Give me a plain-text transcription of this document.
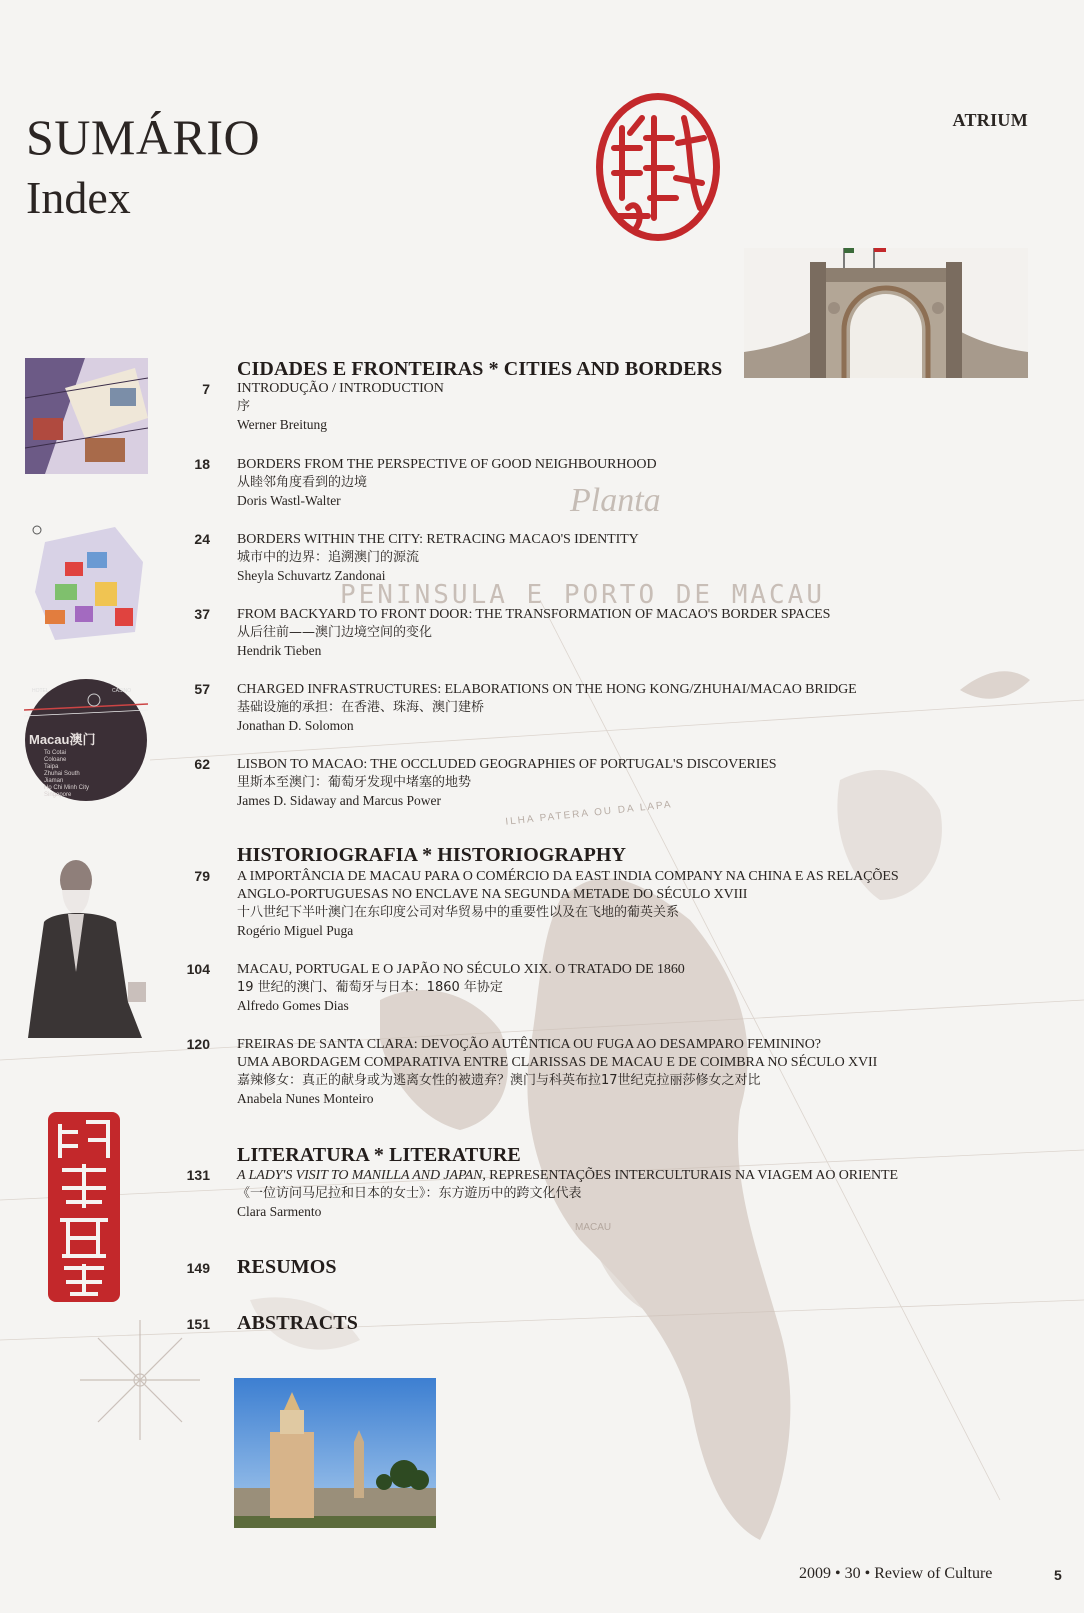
Planta
PENINSULA E PORTO DE MACAU
ILHA PATERA OU DA LAPA
MACAU
SUMÁRIO
Index
ATRIUM
Macau澳门
HOTEL	CASINO
To Cotai
Coloane
Taipa
Zhuhai South
Jiaman
Ho Chi Minh City
Singapore
CIDADES E FRONTEIRAS * CITIES AND BORDERS
7 INTRODUÇÃO / INTRODUCTION
序
Werner Breitung
18 BORDERS FROM THE PERSPECTIVE OF GOOD NEIGHBOURHOOD
从睦邻角度看到的边境
Doris Wastl-Walter
24 BORDERS WITHIN THE CITY: RETRACING MACAO'S IDENTITY
城市中的边界：追溯澳门的源流
Sheyla Schuvartz Zandonai
37 FROM BACKYARD TO FRONT DOOR: THE TRANSFORMATION OF MACAO'S BORDER SPACES
从后往前——澳门边境空间的变化
Hendrik Tieben
57 CHARGED INFRASTRUCTURES: ELABORATIONS ON THE HONG KONG/ZHUHAI/MACAO BRIDGE
基础设施的承担：在香港、珠海、澳门建桥
Jonathan D. Solomon
62 LISBON TO MACAO: THE OCCLUDED GEOGRAPHIES OF PORTUGAL'S DISCOVERIES
里斯本至澳门：葡萄牙发现中堵塞的地势
James D. Sidaway and Marcus Power
HISTORIOGRAFIA * HISTORIOGRAPHY
79 A IMPORTÂNCIA DE MACAU PARA O COMÉRCIO DA EAST INDIA COMPANY NA CHINA E AS RELAÇÕES
ANGLO-PORTUGUESAS NO ENCLAVE NA SEGUNDA METADE DO SÉCULO XVIII
十八世纪下半叶澳门在东印度公司对华贸易中的重要性以及在飞地的葡英关系
Rogério Miguel Puga
104 MACAU, PORTUGAL E O JAPÃO NO SÉCULO XIX. O TRATADO DE 1860
19 世纪的澳门、葡萄牙与日本：1860 年协定
Alfredo Gomes Dias
120 FREIRAS DE SANTA CLARA: DEVOÇÃO AUTÊNTICA OU FUGA AO DESAMPARO FEMININO?
UMA ABORDAGEM COMPARATIVA ENTRE CLARISSAS DE MACAU E DE COIMBRA NO SÉCULO XVII
嘉辣修女：真正的献身或为逃离女性的被遗弃？澳门与科英布拉17世纪克拉丽莎修女之对比
Anabela Nunes Monteiro
LITERATURA * LITERATURE
131 A LADY'S VISIT TO MANILLA AND JAPAN, REPRESENTAÇÕES INTERCULTURAIS NA VIAGEM AO ORIENTE
《一位访问马尼拉和日本的女士》：东方遊历中的跨文化代表
Clara Sarmento
149 RESUMOS
151 ABSTRACTS
2009 • 30 • Review of Culture	5
